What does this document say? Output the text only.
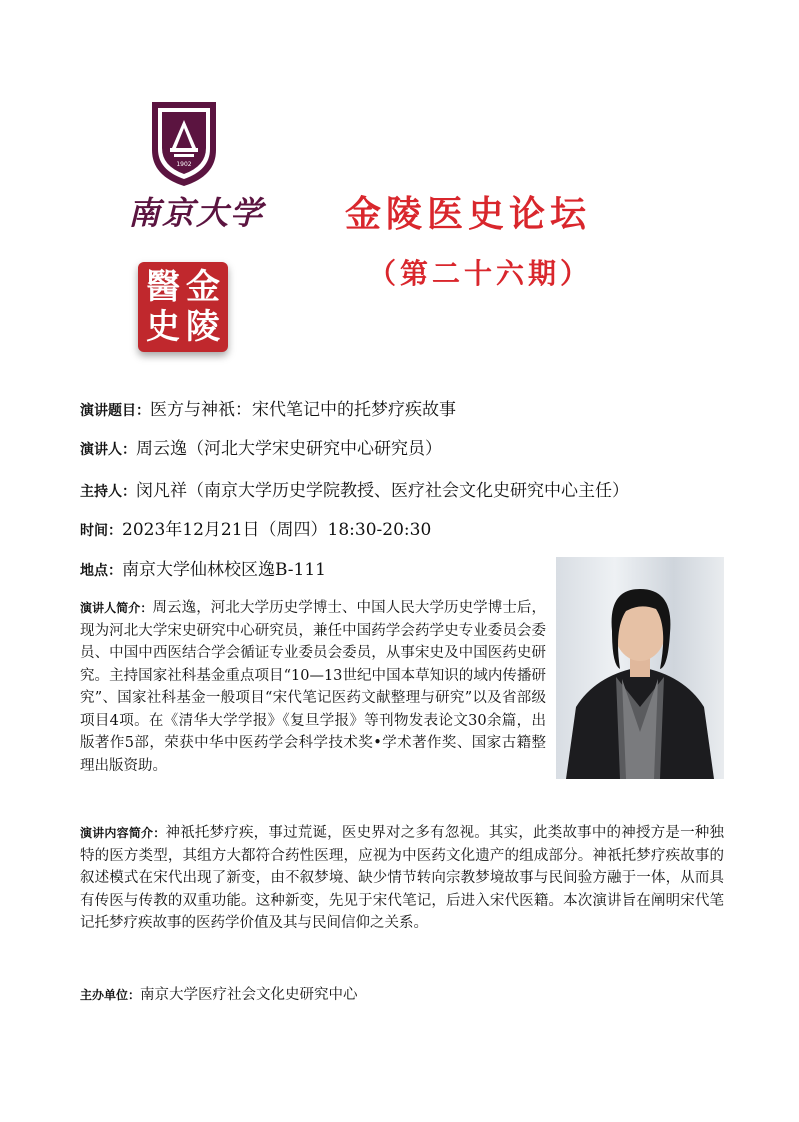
1902
南京大学
金
陵
醫
史
金陵医史论坛
（第二十六期）
演讲题目：医方与神祇：宋代笔记中的托梦疗疾故事
演讲人：周云逸（河北大学宋史研究中心研究员）
主持人：闵凡祥（南京大学历史学院教授、医疗社会文化史研究中心主任）
时间：2023年12月21日（周四）18:30-20:30
地点：南京大学仙林校区逸B-111
演讲人简介：周云逸，河北大学历史学博士、中国人民大学历史学博士后，现为河北大学宋史研究中心研究员，兼任中国药学会药学史专业委员会委员、中国中西医结合学会循证专业委员会委员，从事宋史及中国医药史研究。主持国家社科基金重点项目“10—13世纪中国本草知识的域内传播研究”、国家社科基金一般项目“宋代笔记医药文献整理与研究”以及省部级项目4项。在《清华大学学报》《复旦学报》等刊物发表论文30余篇，出版著作5部，荣获中华中医药学会科学技术奖•学术著作奖、国家古籍整理出版资助。
演讲内容简介：神祇托梦疗疾，事过荒诞，医史界对之多有忽视。其实，此类故事中的神授方是一种独特的医方类型，其组方大都符合药性医理，应视为中医药文化遗产的组成部分。神祇托梦疗疾故事的叙述模式在宋代出现了新变，由不叙梦境、缺少情节转向宗教梦境故事与民间验方融于一体，从而具有传医与传教的双重功能。这种新变，先见于宋代笔记，后进入宋代医籍。本次演讲旨在阐明宋代笔记托梦疗疾故事的医药学价值及其与民间信仰之关系。
主办单位：南京大学医疗社会文化史研究中心
